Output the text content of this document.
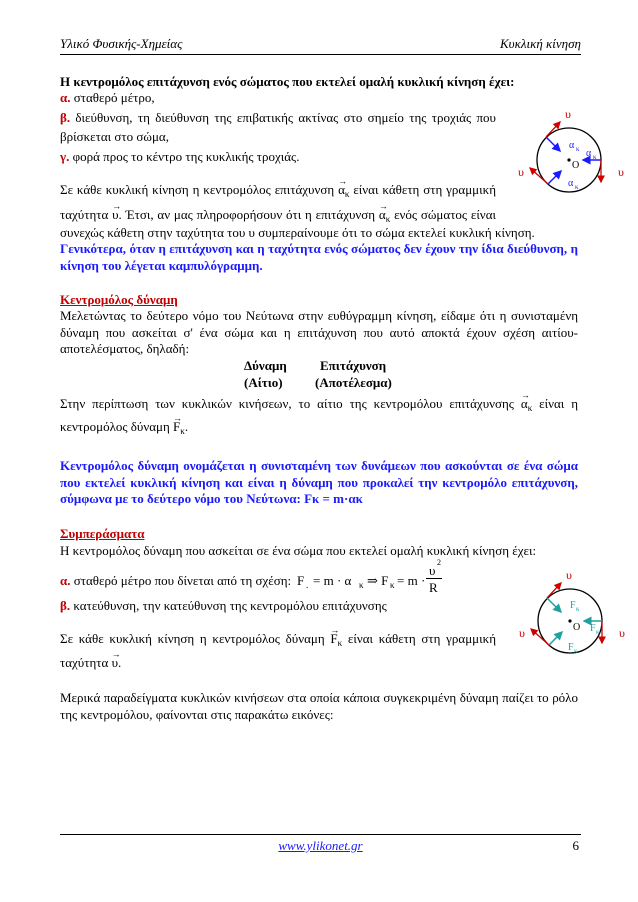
Υλικό Φυσικής-Χημείας	Κυκλική κίνηση
Η κεντρομόλος επιτάχυνση ενός σώματος που εκτελεί ομαλή κυκλική κίνηση έχει:
α. σταθερό μέτρο,
β. διεύθυνση, τη διεύθυνση της επιβατικής ακτίνας στο σημείο της τροχιάς που
βρίσκεται στο σώμα,
γ. φορά προς το κέντρο της κυκλικής τροχιάς.
υ
υ
υ
α κ α κ
α κ
O
Σε κάθε κυκλική κίνηση η κεντρομόλος $\varepsilon\pi\iota\tau ά\chi\upsilon\nu\sigma\eta \to \alpha_\kappa$ είναι κάθετη στη γραμμική
ταχύτητα → υ. Έτσι, αν μας πληροφορήσουν ότι η $\varepsilon\pi\iota\tau ά\chi\upsilon\nu\sigma\eta \to \alpha_\kappa$ ενός σώματος είναι
συνεχώς κάθετη στην ταχύτητα του υ συμπεραίνουμε ότι το σώμα εκτελεί κυκλική κίνηση.
Γενικότερα, όταν η επιτάχυνση και η ταχύτητα ενός σώματος δεν έχουν την ίδια διεύθυνση, η
κίνηση του λέγεται καμπυλόγραμμη.
Κεντρομόλος δύναμη
Μελετώντας το δεύτερο νόμο του Νεύτωνα στην ευθύγραμμη κίνηση, είδαμε ότι η συνισταμένη
δύναμη που ασκείται σ' ένα σώμα και η επιτάχυνση που αυτό αποκτά έχουν σχέση αιτίου-
αποτελέσματος, δηλαδή:
Δύναμη
(Αίτιο)
Επιτάχυνση
(Αποτέλεσμα)
Στην περίπτωση των κυκλικών κινήσεων, το αίτιο της κεντρομόλου $\varepsilon\pi\iota\tau ά\chi\upsilon\nu\sigma\eta\varsigma \to \alpha_\kappa$ είναι η
κεντρομόλος $\delta ύ\nu\alpha\mu\eta \to F_\kappa$.
Κεντρομόλος δύναμη ονομάζεται η συνισταμένη των δυνάμεων που ασκούνται σε ένα σώμα
που εκτελεί κυκλική κίνηση και είναι η δύναμη που προκαλεί την κεντρομόλο επιτάχυνση,
σύμφωνα με το δεύτερο νόμο του Νεύτωνα: Fκ = m·ακ
Συμπεράσματα
Η κεντρομόλος δύναμη που ασκείται σε ένα σώμα που εκτελεί ομαλή κυκλική κίνηση έχει:
α. σταθερό μέτρο που δίνεται από τη σχέση: F . = m · α κ ⇒ F κ = m ·
υ
2
R
β. κατεύθυνση, την κατεύθυνση της κεντρομόλου επιτάχυνσης
Σε κάθε κυκλική κίνηση η κεντρομόλος $\delta ύ\nu\alpha\mu\eta \to F_\kappa$ είναι κάθετη στη γραμμική
ταχύτητα → υ.
υ
υ
υ
F κ
F κ
F κ
O
Μερικά παραδείγματα κυκλικών κινήσεων στα οποία κάποια συγκεκριμένη δύναμη παίζει το ρόλο
της κεντρομόλου, φαίνονται στις παρακάτω εικόνες:
www.ylikonet.gr	6
